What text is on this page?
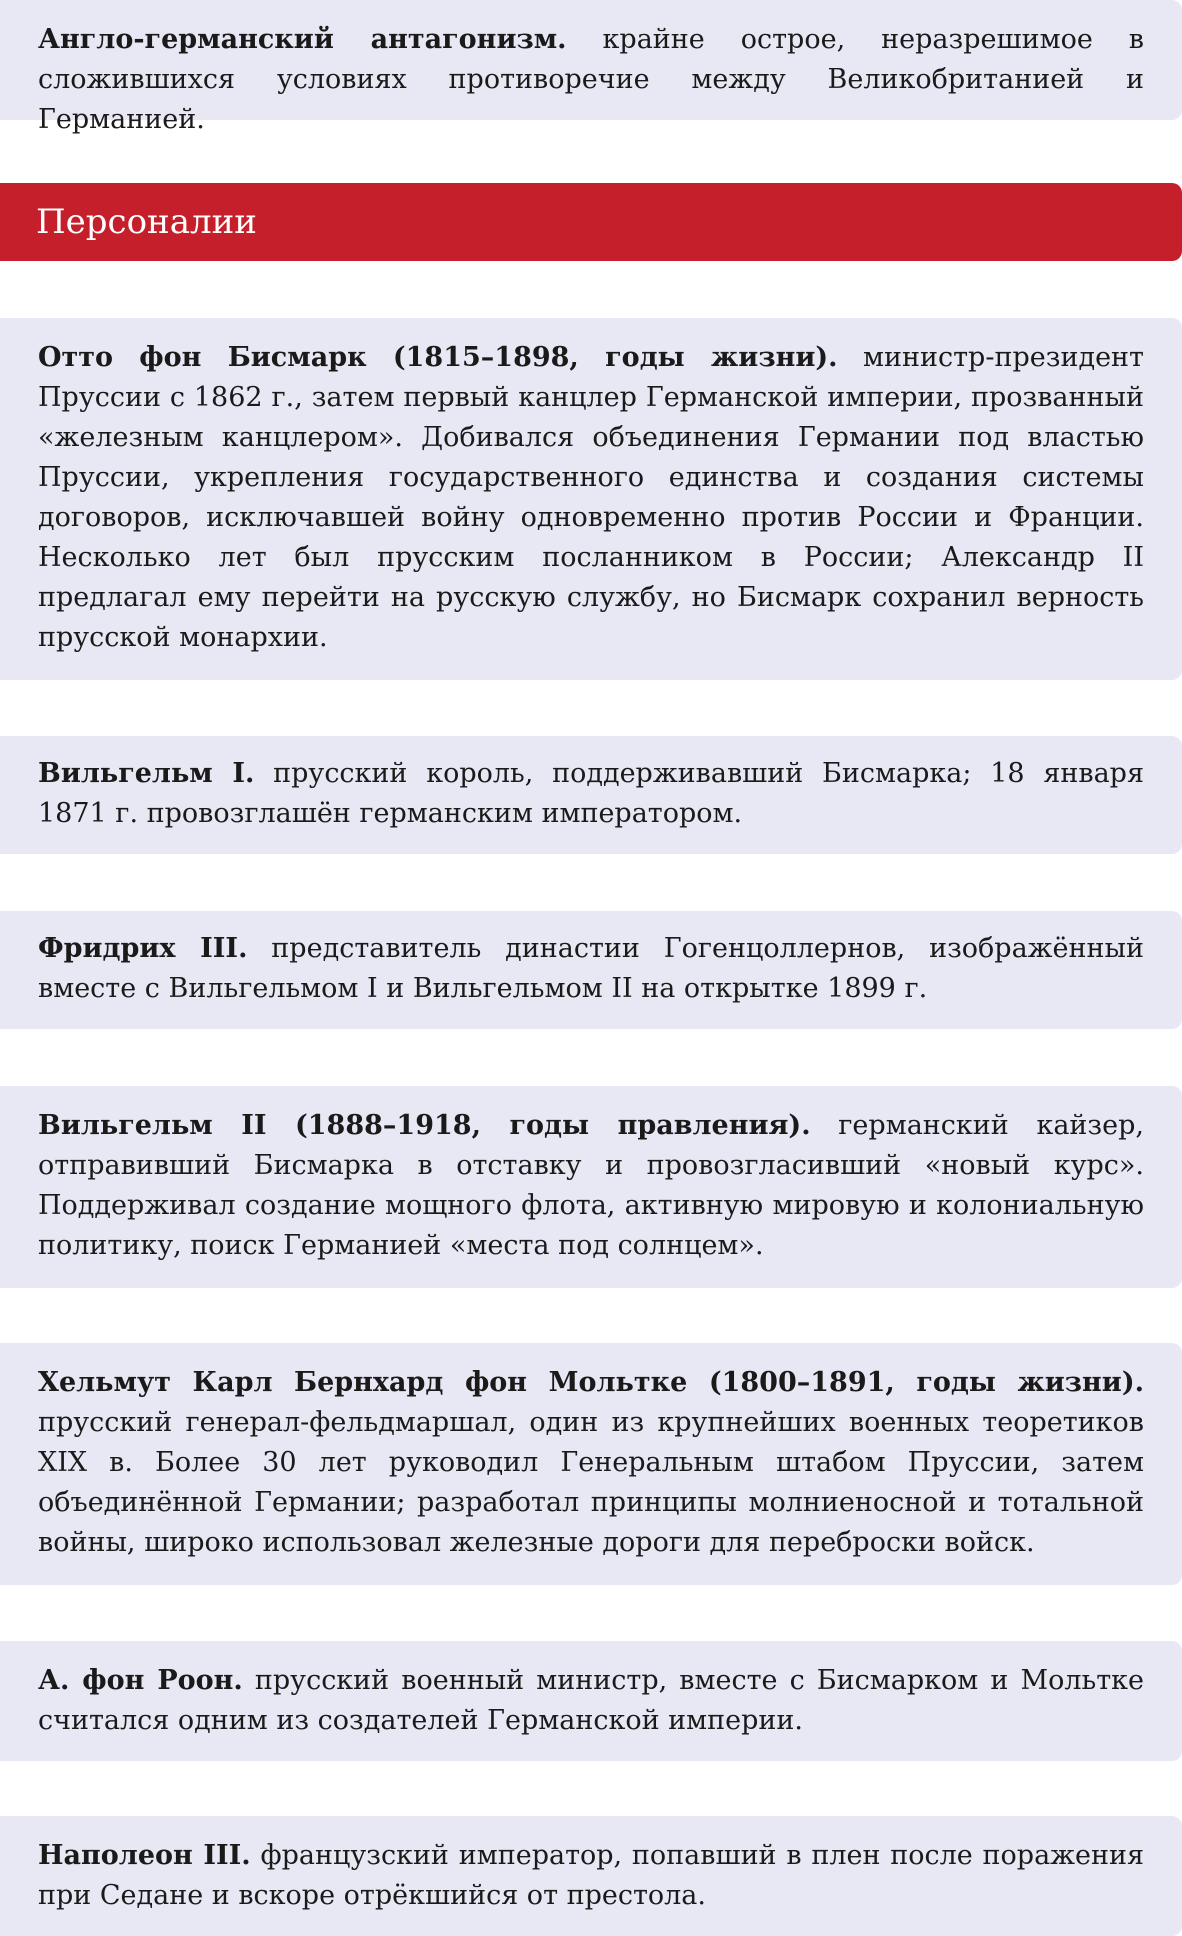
Англо-германский антагонизм. крайне острое, неразрешимое в сложившихся условиях противоречие между Великобританией и Германией.

Персоналии

Отто фон Бисмарк (1815–1898, годы жизни). министр-президент Пруссии с 1862 г., затем первый канцлер Германской империи, прозванный «железным канцлером». Добивался объединения Германии под властью Пруссии, укрепления государственного единства и создания системы договоров, исключавшей войну одновременно против России и Франции. Несколько лет был прусским посланником в России; Александр II предлагал ему перейти на русскую службу, но Бисмарк сохранил верность прусской монархии.

Вильгельм I. прусский король, поддерживавший Бисмарка; 18 января 1871 г. провозглашён германским императором.

Фридрих III. представитель династии Гогенцоллернов, изображённый вместе с Вильгельмом I и Вильгельмом II на открытке 1899 г.

Вильгельм II (1888–1918, годы правления). германский кайзер, отправивший Бисмарка в отставку и провозгласивший «новый курс». Поддерживал создание мощного флота, активную мировую и колониальную политику, поиск Германией «места под солнцем».

Хельмут Карл Бернхард фон Мольтке (1800–1891, годы жизни). прусский генерал-фельдмаршал, один из крупнейших военных теоретиков XIX в. Более 30 лет руководил Генеральным штабом Пруссии, затем объединённой Германии; разработал принципы молниеносной и тотальной войны, широко использовал железные дороги для переброски войск.

А. фон Роон. прусский военный министр, вместе с Бисмарком и Мольтке считался одним из создателей Германской империи.

Наполеон III. французский император, попавший в плен после поражения при Седане и вскоре отрёкшийся от престола.
